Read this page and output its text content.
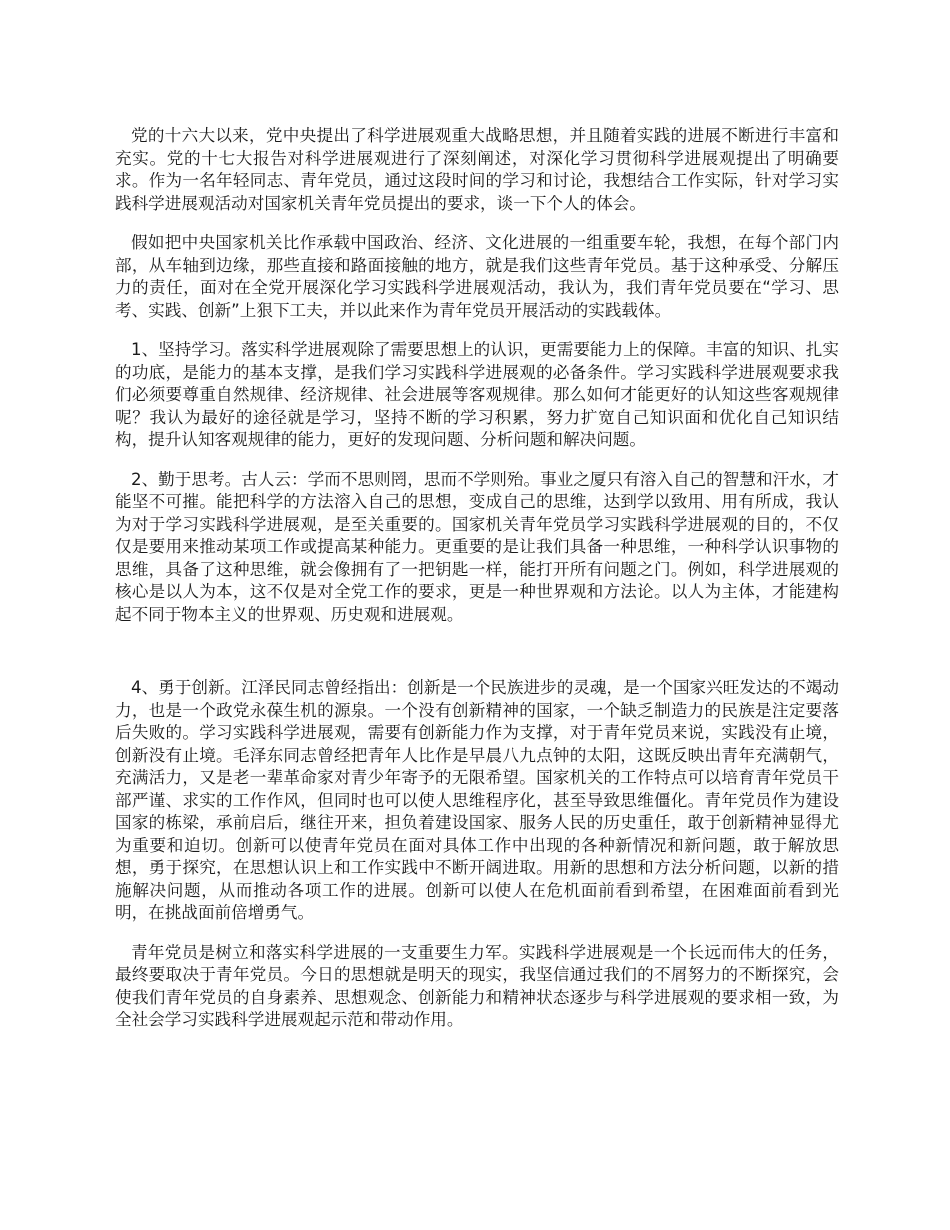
党的十六大以来，党中央提出了科学进展观重大战略思想，并且随着实践的进展不断进行丰富和充实。党的十七大报告对科学进展观进行了深刻阐述，对深化学习贯彻科学进展观提出了明确要求。作为一名年轻同志、青年党员，通过这段时间的学习和讨论，我想结合工作实际，针对学习实践科学进展观活动对国家机关青年党员提出的要求，谈一下个人的体会。

假如把中央国家机关比作承载中国政治、经济、文化进展的一组重要车轮，我想，在每个部门内部，从车轴到边缘，那些直接和路面接触的地方，就是我们这些青年党员。基于这种承受、分解压力的责任，面对在全党开展深化学习实践科学进展观活动，我认为，我们青年党员要在“学习、思考、实践、创新”上狠下工夫，并以此来作为青年党员开展活动的实践载体。

1、坚持学习。落实科学进展观除了需要思想上的认识，更需要能力上的保障。丰富的知识、扎实的功底，是能力的基本支撑，是我们学习实践科学进展观的必备条件。学习实践科学进展观要求我们必须要尊重自然规律、经济规律、社会进展等客观规律。那么如何才能更好的认知这些客观规律呢？我认为最好的途径就是学习，坚持不断的学习积累，努力扩宽自己知识面和优化自己知识结构，提升认知客观规律的能力，更好的发现问题、分析问题和解决问题。

2、勤于思考。古人云：学而不思则罔，思而不学则殆。事业之厦只有溶入自己的智慧和汗水，才能坚不可摧。能把科学的方法溶入自己的思想，变成自己的思维，达到学以致用、用有所成，我认为对于学习实践科学进展观，是至关重要的。国家机关青年党员学习实践科学进展观的目的，不仅仅是要用来推动某项工作或提高某种能力。更重要的是让我们具备一种思维，一种科学认识事物的思维，具备了这种思维，就会像拥有了一把钥匙一样，能打开所有问题之门。例如，科学进展观的核心是以人为本，这不仅是对全党工作的要求，更是一种世界观和方法论。以人为主体，才能建构起不同于物本主义的世界观、历史观和进展观。

4、勇于创新。江泽民同志曾经指出：创新是一个民族进步的灵魂，是一个国家兴旺发达的不竭动力，也是一个政党永葆生机的源泉。一个没有创新精神的国家，一个缺乏制造力的民族是注定要落后失败的。学习实践科学进展观，需要有创新能力作为支撑，对于青年党员来说，实践没有止境，创新没有止境。毛泽东同志曾经把青年人比作是早晨八九点钟的太阳，这既反映出青年充满朝气，充满活力，又是老一辈革命家对青少年寄予的无限希望。国家机关的工作特点可以培育青年党员干部严谨、求实的工作作风，但同时也可以使人思维程序化，甚至导致思维僵化。青年党员作为建设国家的栋梁，承前启后，继往开来，担负着建设国家、服务人民的历史重任，敢于创新精神显得尤为重要和迫切。创新可以使青年党员在面对具体工作中出现的各种新情况和新问题，敢于解放思想，勇于探究，在思想认识上和工作实践中不断开阔进取。用新的思想和方法分析问题，以新的措施解决问题，从而推动各项工作的进展。创新可以使人在危机面前看到希望，在困难面前看到光明，在挑战面前倍增勇气。

青年党员是树立和落实科学进展的一支重要生力军。实践科学进展观是一个长远而伟大的任务，最终要取决于青年党员。今日的思想就是明天的现实，我坚信通过我们的不屑努力的不断探究，会使我们青年党员的自身素养、思想观念、创新能力和精神状态逐步与科学进展观的要求相一致，为全社会学习实践科学进展观起示范和带动作用。
